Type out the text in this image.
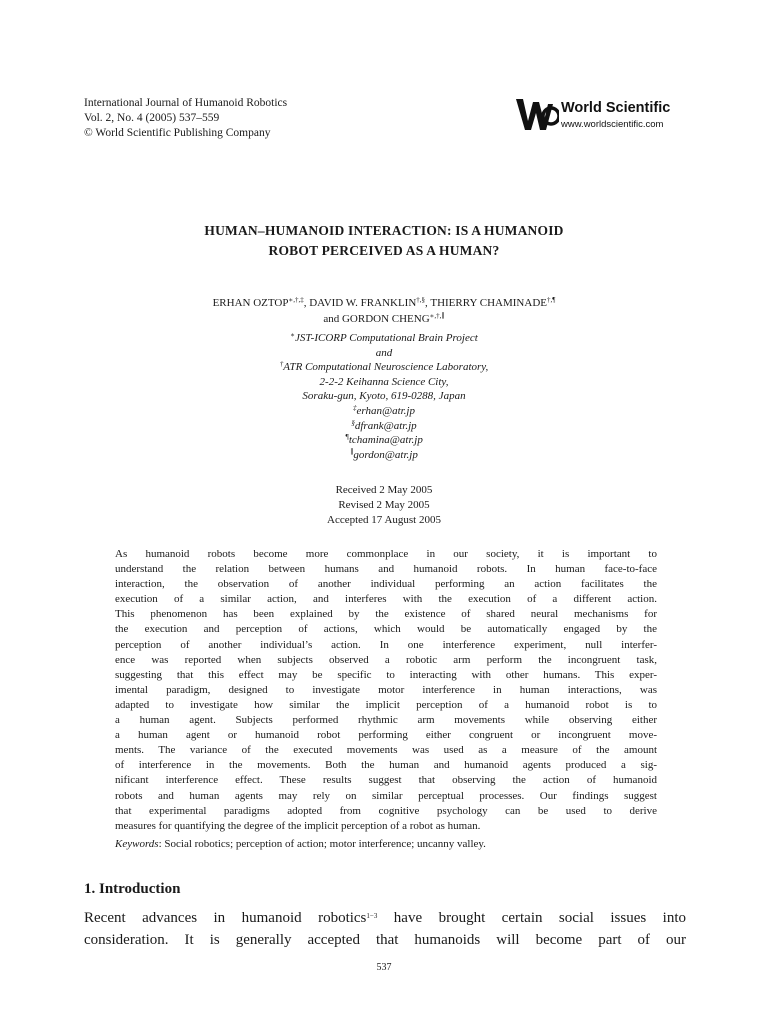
International Journal of Humanoid Robotics
Vol. 2, No. 4 (2005) 537–559
© World Scientific Publishing Company
World Scientific
www.worldscientific.com
HUMAN–HUMANOID INTERACTION: IS A HUMANOID
ROBOT PERCEIVED AS A HUMAN?
ERHAN OZTOP∗,†,‡, DAVID W. FRANKLIN†,§, THIERRY CHAMINADE†,¶
and GORDON CHENG∗,†,∥
∗JST-ICORP Computational Brain Project
and
†ATR Computational Neuroscience Laboratory,
2-2-2 Keihanna Science City,
Soraku-gun, Kyoto, 619-0288, Japan
‡erhan@atr.jp
§dfrank@atr.jp
¶tchamina@atr.jp
∥gordon@atr.jp
Received 2 May 2005
Revised 2 May 2005
Accepted 17 August 2005
As humanoid robots become more commonplace in our society, it is important to
understand the relation between humans and humanoid robots. In human face-to-face
interaction, the observation of another individual performing an action facilitates the
execution of a similar action, and interferes with the execution of a different action.
This phenomenon has been explained by the existence of shared neural mechanisms for
the execution and perception of actions, which would be automatically engaged by the
perception of another individual’s action. In one interference experiment, null interfer-
ence was reported when subjects observed a robotic arm perform the incongruent task,
suggesting that this effect may be specific to interacting with other humans. This exper-
imental paradigm, designed to investigate motor interference in human interactions, was
adapted to investigate how similar the implicit perception of a humanoid robot is to
a human agent. Subjects performed rhythmic arm movements while observing either
a human agent or humanoid robot performing either congruent or incongruent move-
ments. The variance of the executed movements was used as a measure of the amount
of interference in the movements. Both the human and humanoid agents produced a sig-
nificant interference effect. These results suggest that observing the action of humanoid
robots and human agents may rely on similar perceptual processes. Our findings suggest
that experimental paradigms adopted from cognitive psychology can be used to derive
measures for quantifying the degree of the implicit perception of a robot as human.
Keywords: Social robotics; perception of action; motor interference; uncanny valley.
1. Introduction
Recent advances in humanoid robotics$^{1-3}$ have brought certain social issues into
consideration. It is generally accepted that humanoids will become part of our
537
